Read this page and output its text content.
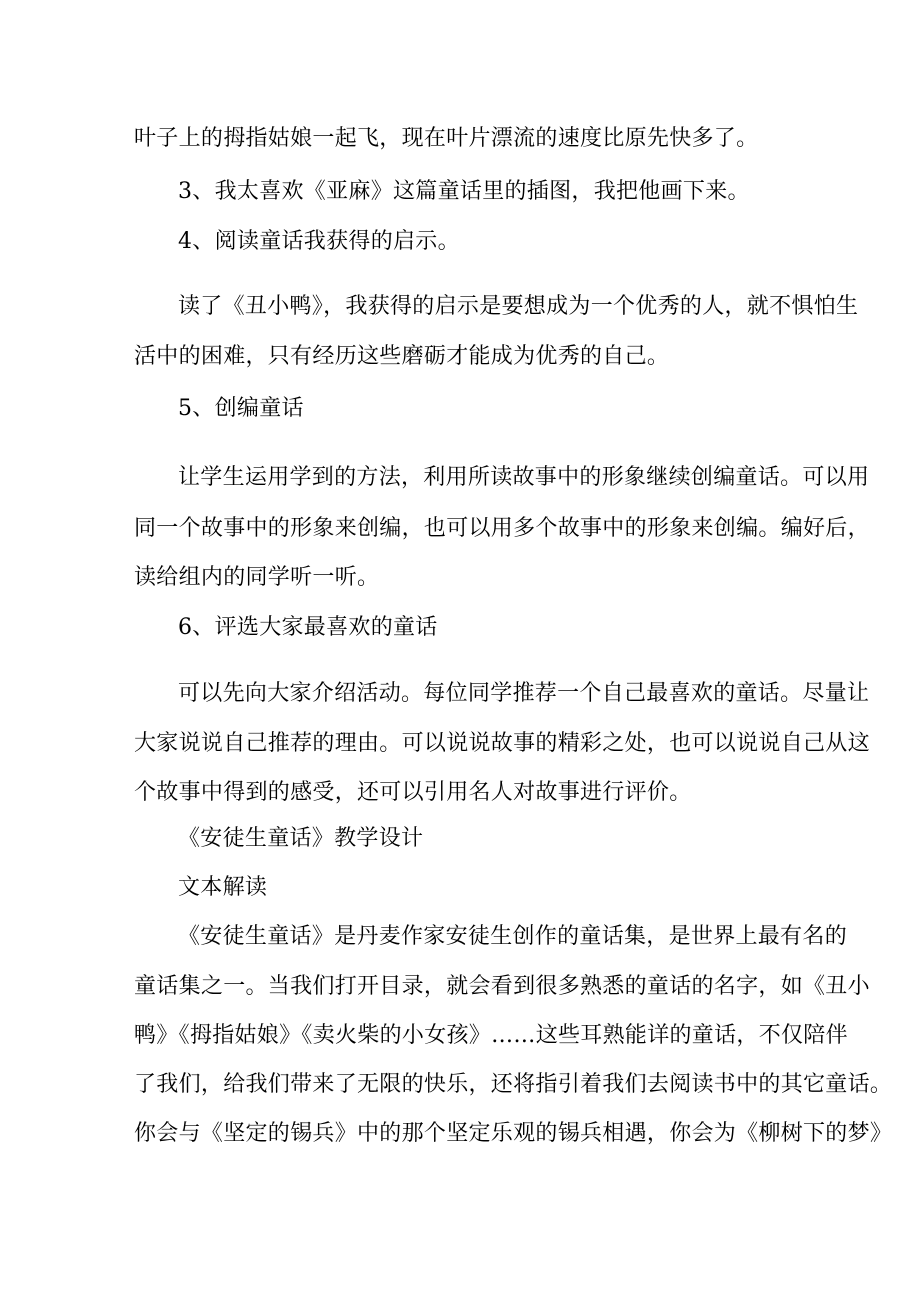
叶子上的拇指姑娘一起飞，现在叶片漂流的速度比原先快多了。
3、我太喜欢《亚麻》这篇童话里的插图，我把他画下来。
4、阅读童话我获得的启示。
读了《丑小鸭》，我获得的启示是要想成为一个优秀的人，就不惧怕生
活中的困难，只有经历这些磨砺才能成为优秀的自己。
5、创编童话
让学生运用学到的方法，利用所读故事中的形象继续创编童话。可以用
同一个故事中的形象来创编，也可以用多个故事中的形象来创编。编好后，
读给组内的同学听一听。
6、评选大家最喜欢的童话
可以先向大家介绍活动。每位同学推荐一个自己最喜欢的童话。尽量让
大家说说自己推荐的理由。可以说说故事的精彩之处，也可以说说自己从这
个故事中得到的感受，还可以引用名人对故事进行评价。
《安徒生童话》教学设计
文本解读
《安徒生童话》是丹麦作家安徒生创作的童话集，是世界上最有名的
童话集之一。当我们打开目录，就会看到很多熟悉的童话的名字，如《丑小
鸭》《拇指姑娘》《卖火柴的小女孩》……这些耳熟能详的童话，不仅陪伴
了我们，给我们带来了无限的快乐，还将指引着我们去阅读书中的其它童话。
你会与《坚定的锡兵》中的那个坚定乐观的锡兵相遇，你会为《柳树下的梦》
